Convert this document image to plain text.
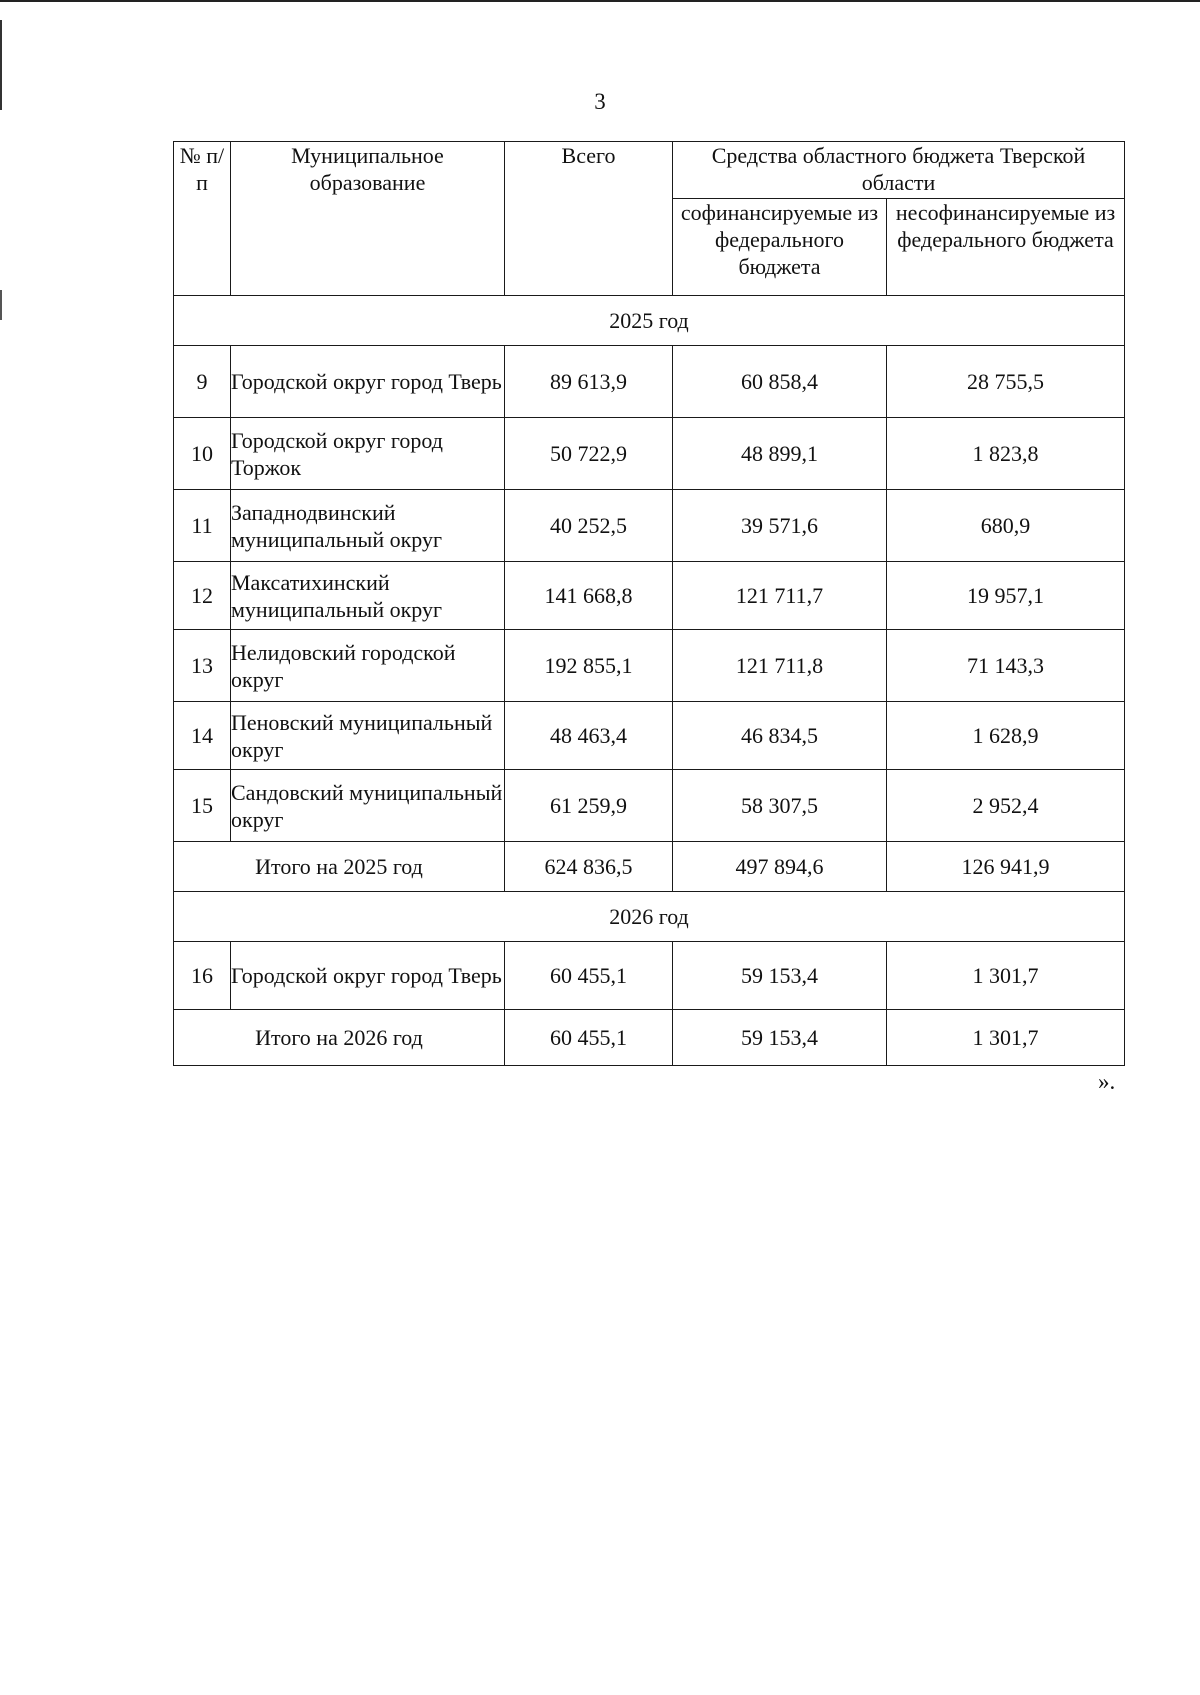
3
№ п/п	Муниципальное образование	Всего	Средства областного бюджета Тверской области	
			софинансируемые из федерального бюджета	несофинансируемые из федерального бюджета
2025 год				
9	Городской округ город Тверь	89 613,9	60 858,4	28 755,5
10	Городской округ город Торжок	50 722,9	48 899,1	1 823,8
11	Западнодвинский муниципальный округ	40 252,5	39 571,6	680,9
12	Максатихинский муниципальный округ	141 668,8	121 711,7	19 957,1
13	Нелидовский городской округ	192 855,1	121 711,8	71 143,3
14	Пеновский муниципальный округ	48 463,4	46 834,5	1 628,9
15	Сандовский муниципальный округ	61 259,9	58 307,5	2 952,4
Итого на 2025 год		624 836,5	497 894,6	126 941,9
2026 год				
16	Городской округ город Тверь	60 455,1	59 153,4	1 301,7
Итого на 2026 год		60 455,1	59 153,4	1 301,7
».
